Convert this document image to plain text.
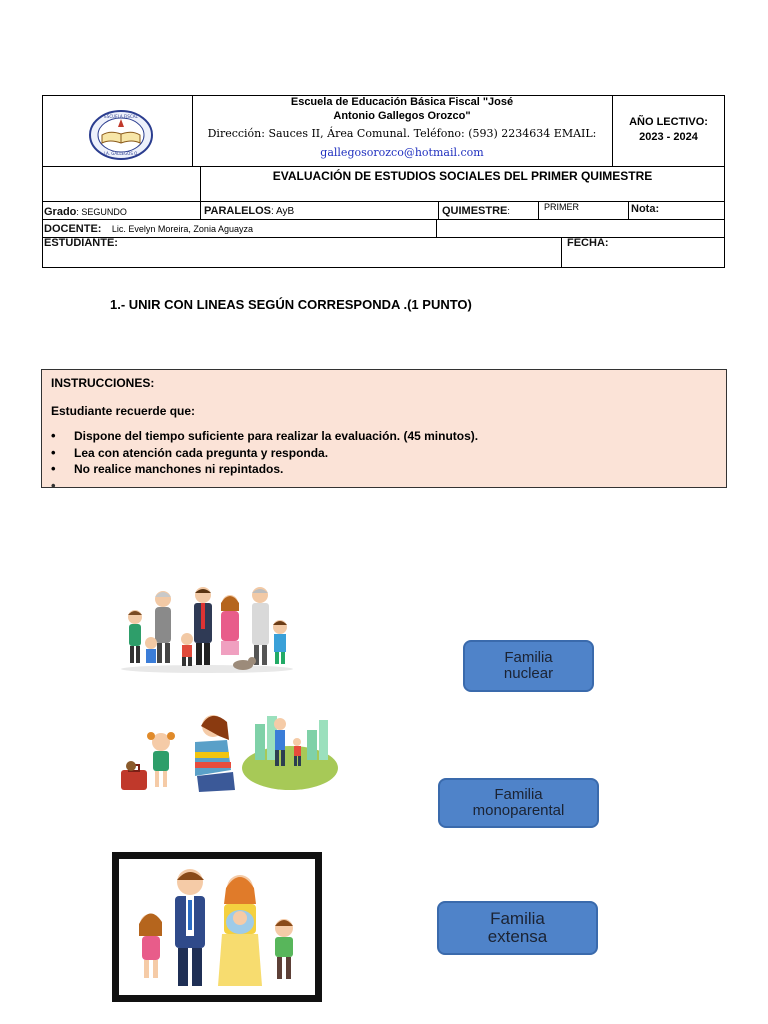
ESCUELA FISCAL
J.A. GALLEGOS O.
Escuela de Educación Básica Fiscal "José
Antonio Gallegos Orozco"
Dirección: Sauces II, Área Comunal. Teléfono: (593) 2234634 EMAIL:
gallegosorozco@hotmail.com
AÑO LECTIVO:
2023 - 2024
EVALUACIÓN DE ESTUDIOS SOCIALES DEL PRIMER QUIMESTRE
Grado: SEGUNDO	PARALELOS: AyB	QUIMESTRE:	PRIMER	Nota:
DOCENTE: Lic. Evelyn Moreira, Zonia Aguayza
ESTUDIANTE:	FECHA:
1.- UNIR CON LINEAS SEGÚN CORRESPONDA .(1 PUNTO)
INSTRUCCIONES:
Estudiante recuerde que:
• Dispone del tiempo suficiente para realizar la evaluación. (45 minutos).
• Lea con atención cada pregunta y responda.
• No realice manchones ni repintados.
•
Familia
nuclear
Familia
monoparental
Familia
extensa
